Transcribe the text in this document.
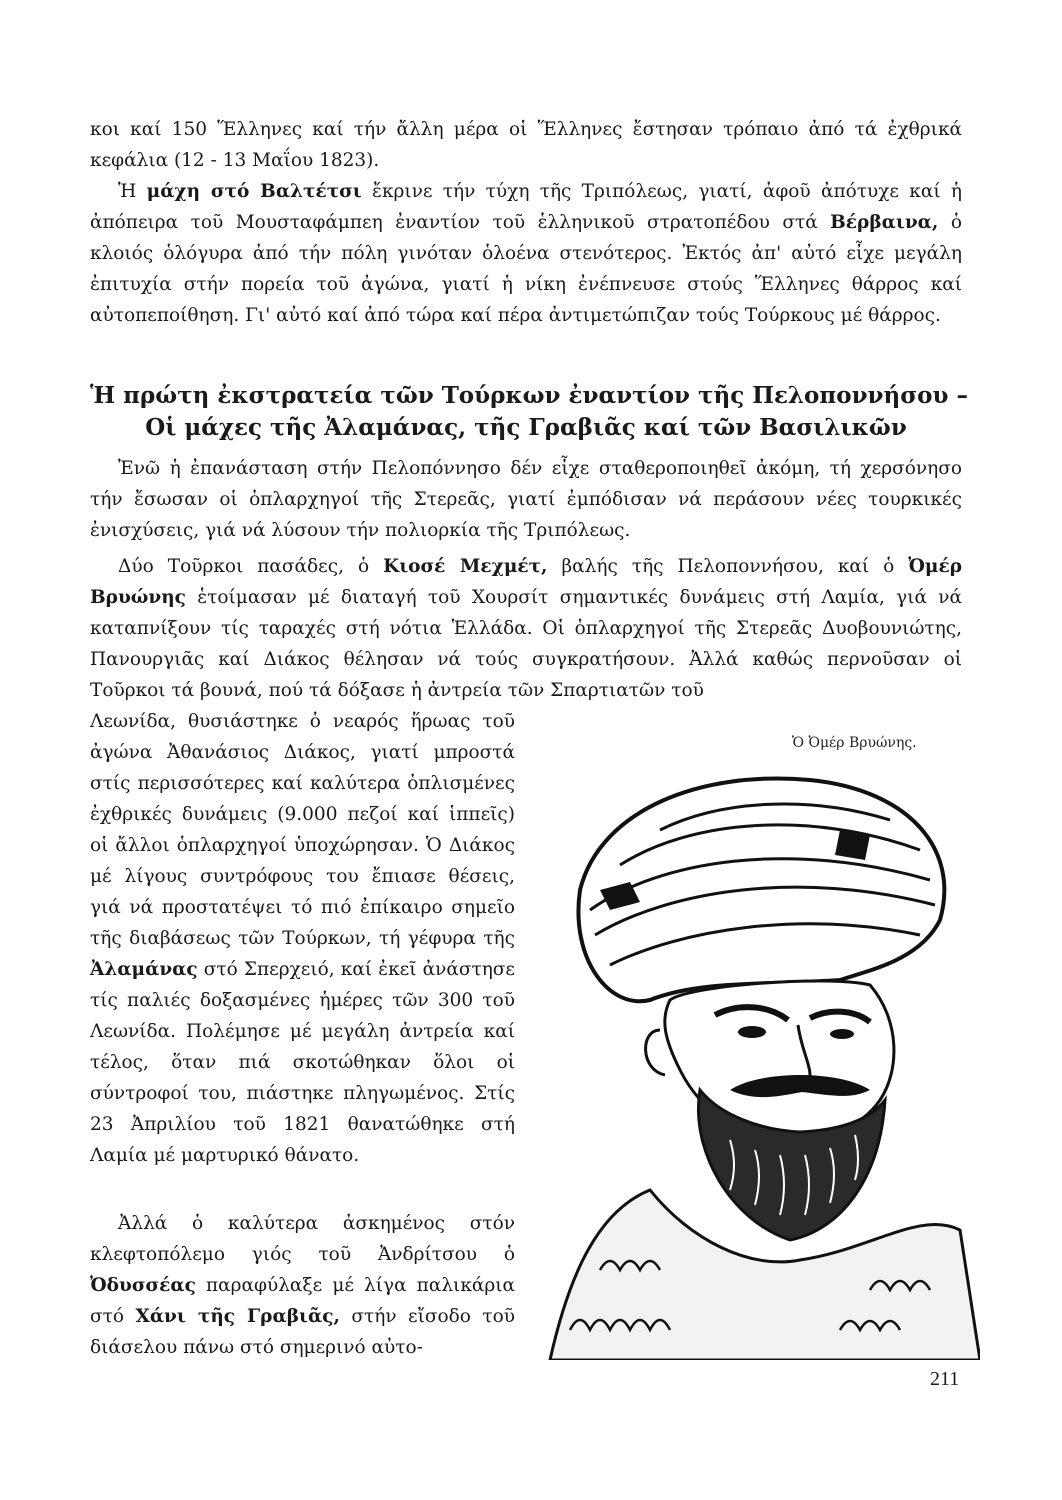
κοι καί 150 Ἕλληνες καί τήν ἄλλη μέρα οἱ Ἕλληνες ἔστησαν τρόπαιο ἀπό τά ἐχθρικά κεφάλια (12 - 13 Μαΐου 1823).

Ἡ μάχη στό Βαλτέτσι ἔκρινε τήν τύχη τῆς Τριπόλεως, γιατί, ἀφοῦ ἀπότυχε καί ἡ ἀπόπειρα τοῦ Μουσταφάμπεη ἐναντίον τοῦ ἑλληνικοῦ στρατοπέδου στά Βέρβαινα, ὁ κλοιός ὁλόγυρα ἀπό τήν πόλη γινόταν ὁλοένα στενότερος. Ἐκτός ἀπ' αὐτό εἶχε μεγάλη ἐπιτυχία στήν πορεία τοῦ ἀγώνα, γιατί ἡ νίκη ἐνέπνευσε στούς Ἕλληνες θάρρος καί αὐτοπεποίθηση. Γι' αὐτό καί ἀπό τώρα καί πέρα ἀντιμετώπιζαν τούς Τούρκους μέ θάρρος.

Ἡ πρώτη ἐκστρατεία τῶν Τούρκων ἐναντίον τῆς Πελοποννήσου –
Οἱ μάχες τῆς Ἀλαμάνας, τῆς Γραβιᾶς καί τῶν Βασιλικῶν

Ἐνῶ ἡ ἐπανάσταση στήν Πελοπόννησο δέν εἶχε σταθεροποιηθεῖ ἀκόμη, τή χερσόνησο τήν ἔσωσαν οἱ ὁπλαρχηγοί τῆς Στερεᾶς, γιατί ἐμπόδισαν νά περάσουν νέες τουρκικές ἐνισχύσεις, γιά νά λύσουν τήν πολιορκία τῆς Τριπόλεως.

Δύο Τοῦρκοι πασάδες, ὁ Κιοσέ Μεχμέτ, βαλής τῆς Πελοποννήσου, καί ὁ Ὀμέρ Βρυώνης ἑτοίμασαν μέ διαταγή τοῦ Χουρσίτ σημαντικές δυνάμεις στή Λαμία, γιά νά καταπνίξουν τίς ταραχές στή νότια Ἑλλάδα. Οἱ ὁπλαρχηγοί τῆς Στερεᾶς Δυοβουνιώτης, Πανουργιᾶς καί Διάκος θέλησαν νά τούς συγκρατήσουν. Ἀλλά καθώς περνοῦσαν οἱ Τοῦρκοι τά βουνά, πού τά δόξασε ἡ ἀντρεία τῶν Σπαρτιατῶν τοῦ

Λεωνίδα, θυσιάστηκε ὁ νεαρός ἥρωας τοῦ ἀγώνα Ἀθανάσιος Διάκος, γιατί μπροστά στίς περισσότερες καί καλύτερα ὁπλισμένες ἐχθρικές δυνάμεις (9.000 πεζοί καί ἱππεῖς) οἱ ἄλλοι ὁπλαρχηγοί ὑποχώρησαν. Ὁ Διάκος μέ λίγους συντρόφους του ἔπιασε θέσεις, γιά νά προστατέψει τό πιό ἐπίκαιρο σημεῖο τῆς διαβάσεως τῶν Τούρκων, τή γέφυρα τῆς Ἀλαμάνας στό Σπερχειό, καί ἐκεῖ ἀνάστησε τίς παλιές δοξασμένες ἡμέρες τῶν 300 τοῦ Λεωνίδα. Πολέμησε μέ μεγάλη ἀντρεία καί τέλος, ὅταν πιά σκοτώθηκαν ὅλοι οἱ σύντροφοί του, πιάστηκε πληγωμένος. Στίς 23 Ἀπριλίου τοῦ 1821 θανατώθηκε στή Λαμία μέ μαρτυρικό θάνατο.

Ἀλλά ὁ καλύτερα ἀσκημένος στόν κλεφτοπόλεμο γιός τοῦ Ἀνδρίτσου ὁ Ὀδυσσέας παραφύλαξε μέ λίγα παλικάρια στό Χάνι τῆς Γραβιᾶς, στήν εἴσοδο τοῦ διάσελου πάνω στό σημερινό αὐτο-

Ὁ Ὀμέρ Βρυώνης.
211
